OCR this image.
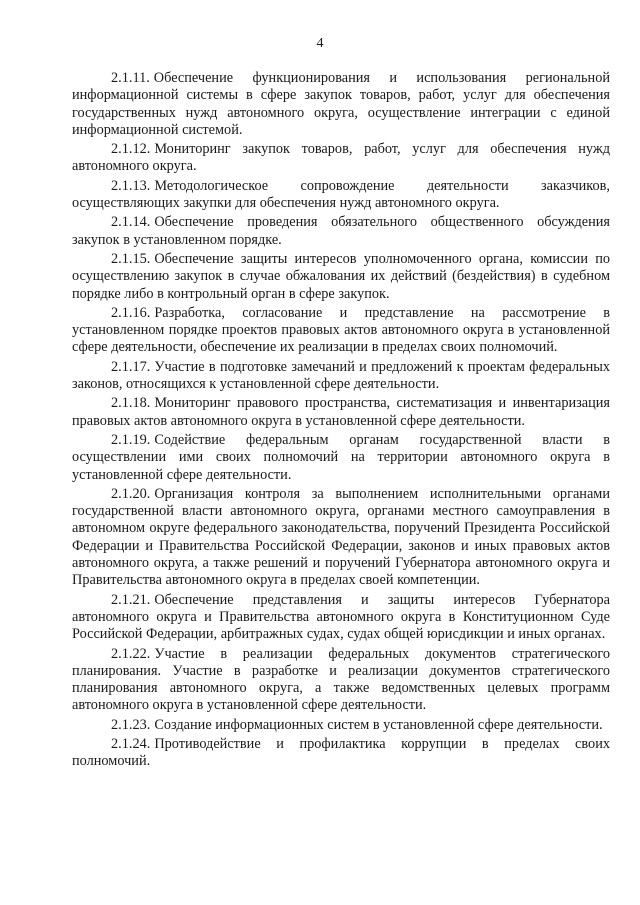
4

2.1.11. Обеспечение функционирования и использования региональной информационной системы в сфере закупок товаров, работ, услуг для обеспечения государственных нужд автономного округа, осуществление интеграции с единой информационной системой.

2.1.12. Мониторинг закупок товаров, работ, услуг для обеспечения нужд автономного округа.

2.1.13. Методологическое сопровождение деятельности заказчиков, осуществляющих закупки для обеспечения нужд автономного округа.

2.1.14. Обеспечение проведения обязательного общественного обсуждения закупок в установленном порядке.

2.1.15. Обеспечение защиты интересов уполномоченного органа, комиссии по осуществлению закупок в случае обжалования их действий (бездействия) в судебном порядке либо в контрольный орган в сфере закупок.

2.1.16. Разработка, согласование и представление на рассмотрение в установленном порядке проектов правовых актов автономного округа в установленной сфере деятельности, обеспечение их реализации в пределах своих полномочий.

2.1.17. Участие в подготовке замечаний и предложений к проектам федеральных законов, относящихся к установленной сфере деятельности.

2.1.18. Мониторинг правового пространства, систематизация и инвентаризация правовых актов автономного округа в установленной сфере деятельности.

2.1.19. Содействие федеральным органам государственной власти в осуществлении ими своих полномочий на территории автономного округа в установленной сфере деятельности.

2.1.20. Организация контроля за выполнением исполнительными органами государственной власти автономного округа, органами местного самоуправления в автономном округе федерального законодательства, поручений Президента Российской Федерации и Правительства Российской Федерации, законов и иных правовых актов автономного округа, а также решений и поручений Губернатора автономного округа и Правительства автономного округа в пределах своей компетенции.

2.1.21. Обеспечение представления и защиты интересов Губернатора автономного округа и Правительства автономного округа в Конституционном Суде Российской Федерации, арбитражных судах, судах общей юрисдикции и иных органах.

2.1.22. Участие в реализации федеральных документов стратегического планирования. Участие в разработке и реализации документов стратегического планирования автономного округа, а также ведомственных целевых программ автономного округа в установленной сфере деятельности.

2.1.23. Создание информационных систем в установленной сфере деятельности.

2.1.24. Противодействие и профилактика коррупции в пределах своих полномочий.
